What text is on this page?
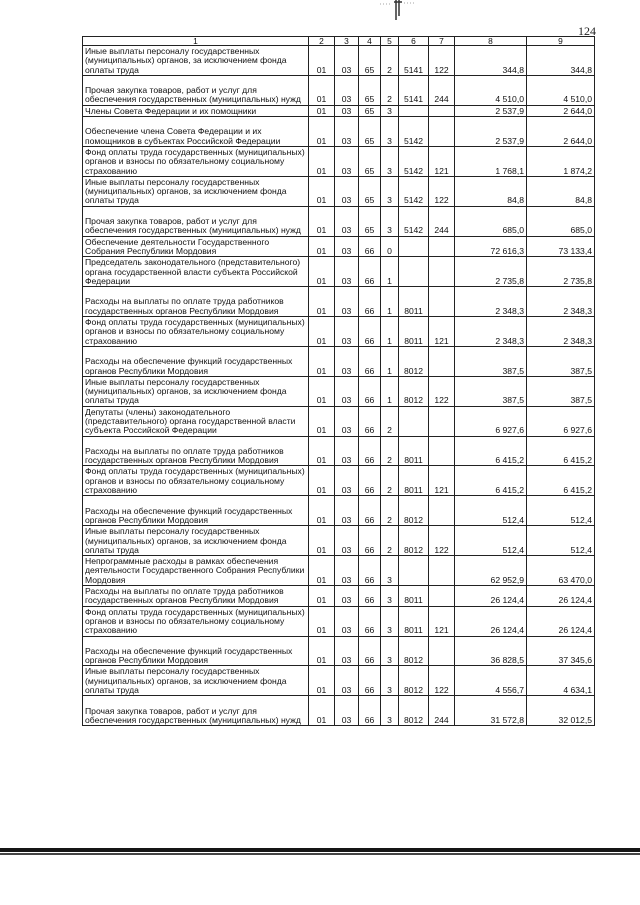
124
1	2	3	4	5	6	7	8	9
Иные выплаты персоналу государственных (муниципальных) органов, за исключением фонда оплаты труда	01	03	65	2	5141	122	344,8	344,8
Прочая закупка товаров, работ и услуг для обеспечения государственных (муниципальных) нужд	01	03	65	2	5141	244	4 510,0	4 510,0
Члены Совета Федерации и их помощники	01	03	65	3			2 537,9	2 644,0
Обеспечение члена Совета Федерации и их помощников в субъектах Российской Федерации	01	03	65	3	5142		2 537,9	2 644,0
Фонд оплаты труда государственных (муниципальных) органов и взносы по обязательному социальному страхованию	01	03	65	3	5142	121	1 768,1	1 874,2
Иные выплаты персоналу государственных (муниципальных) органов, за исключением фонда оплаты труда	01	03	65	3	5142	122	84,8	84,8
Прочая закупка товаров, работ и услуг для обеспечения государственных (муниципальных) нужд	01	03	65	3	5142	244	685,0	685,0
Обеспечение деятельности Государственного Собрания Республики Мордовия	01	03	66	0			72 616,3	73 133,4
Председатель законодательного (представительного) органа государственной власти субъекта Российской Федерации	01	03	66	1			2 735,8	2 735,8
Расходы на выплаты по оплате труда работников государственных органов Республики Мордовия	01	03	66	1	8011		2 348,3	2 348,3
Фонд оплаты труда государственных (муниципальных) органов и взносы по обязательному социальному страхованию	01	03	66	1	8011	121	2 348,3	2 348,3
Расходы на обеспечение функций государственных органов Республики Мордовия	01	03	66	1	8012		387,5	387,5
Иные выплаты персоналу государственных (муниципальных) органов, за исключением фонда оплаты труда	01	03	66	1	8012	122	387,5	387,5
Депутаты (члены) законодательного (представительного) органа государственной власти субъекта Российской Федерации	01	03	66	2			6 927,6	6 927,6
Расходы на выплаты по оплате труда работников государственных органов Республики Мордовия	01	03	66	2	8011		6 415,2	6 415,2
Фонд оплаты труда государственных (муниципальных) органов и взносы по обязательному социальному страхованию	01	03	66	2	8011	121	6 415,2	6 415,2
Расходы на обеспечение функций государственных органов Республики Мордовия	01	03	66	2	8012		512,4	512,4
Иные выплаты персоналу государственных (муниципальных) органов, за исключением фонда оплаты труда	01	03	66	2	8012	122	512,4	512,4
Непрограммные расходы в рамках обеспечения деятельности Государственного Собрания Республики Мордовия	01	03	66	3			62 952,9	63 470,0
Расходы на выплаты по оплате труда работников государственных органов Республики Мордовия	01	03	66	3	8011		26 124,4	26 124,4
Фонд оплаты труда государственных (муниципальных) органов и взносы по обязательному социальному страхованию	01	03	66	3	8011	121	26 124,4	26 124,4
Расходы на обеспечение функций государственных органов Республики Мордовия	01	03	66	3	8012		36 828,5	37 345,6
Иные выплаты персоналу государственных (муниципальных) органов, за исключением фонда оплаты труда	01	03	66	3	8012	122	4 556,7	4 634,1
Прочая закупка товаров, работ и услуг для обеспечения государственных (муниципальных) нужд	01	03	66	3	8012	244	31 572,8	32 012,5
